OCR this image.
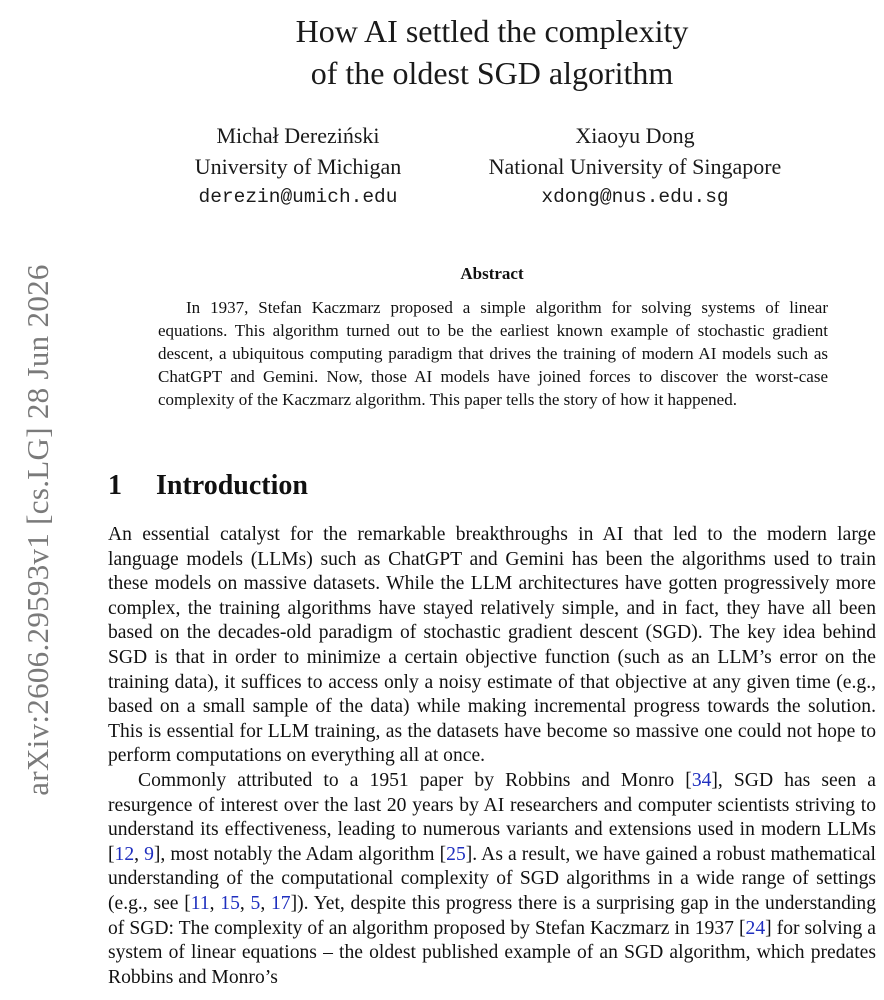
arXiv:2606.29593v1 [cs.LG] 28 Jun 2026
How AI settled the complexity
of the oldest SGD algorithm
Michał Dereziński
University of Michigan
derezin@umich.edu
Xiaoyu Dong
National University of Singapore
xdong@nus.edu.sg
Abstract
In 1937, Stefan Kaczmarz proposed a simple algorithm for solving systems of linear equations. This algorithm turned out to be the earliest known example of stochastic gradient descent, a ubiquitous computing paradigm that drives the training of modern AI models such as ChatGPT and Gemini. Now, those AI models have joined forces to discover the worst-case complexity of the Kaczmarz algorithm. This paper tells the story of how it happened.
1 Introduction

An essential catalyst for the remarkable breakthroughs in AI that led to the modern large language models (LLMs) such as ChatGPT and Gemini has been the algorithms used to train these models on massive datasets. While the LLM architectures have gotten progressively more complex, the training algorithms have stayed relatively simple, and in fact, they have all been based on the decades-old paradigm of stochastic gradient descent (SGD). The key idea behind SGD is that in order to minimize a certain objective function (such as an LLM’s error on the training data), it suffices to access only a noisy estimate of that objective at any given time (e.g., based on a small sample of the data) while making incremental progress towards the solution. This is essential for LLM training, as the datasets have become so massive one could not hope to perform computations on everything all at once.

Commonly attributed to a 1951 paper by Robbins and Monro [34], SGD has seen a resurgence of interest over the last 20 years by AI researchers and computer scientists striving to understand its effectiveness, leading to numerous variants and extensions used in modern LLMs [12, 9], most notably the Adam algorithm [25]. As a result, we have gained a robust mathematical understanding of the computational complexity of SGD algorithms in a wide range of settings (e.g., see [11, 15, 5, 17]). Yet, despite this progress there is a surprising gap in the understanding of SGD: The complexity of an algorithm proposed by Stefan Kaczmarz in 1937 [24] for solving a system of linear equations – the oldest published example of an SGD algorithm, which predates Robbins and Monro’s
